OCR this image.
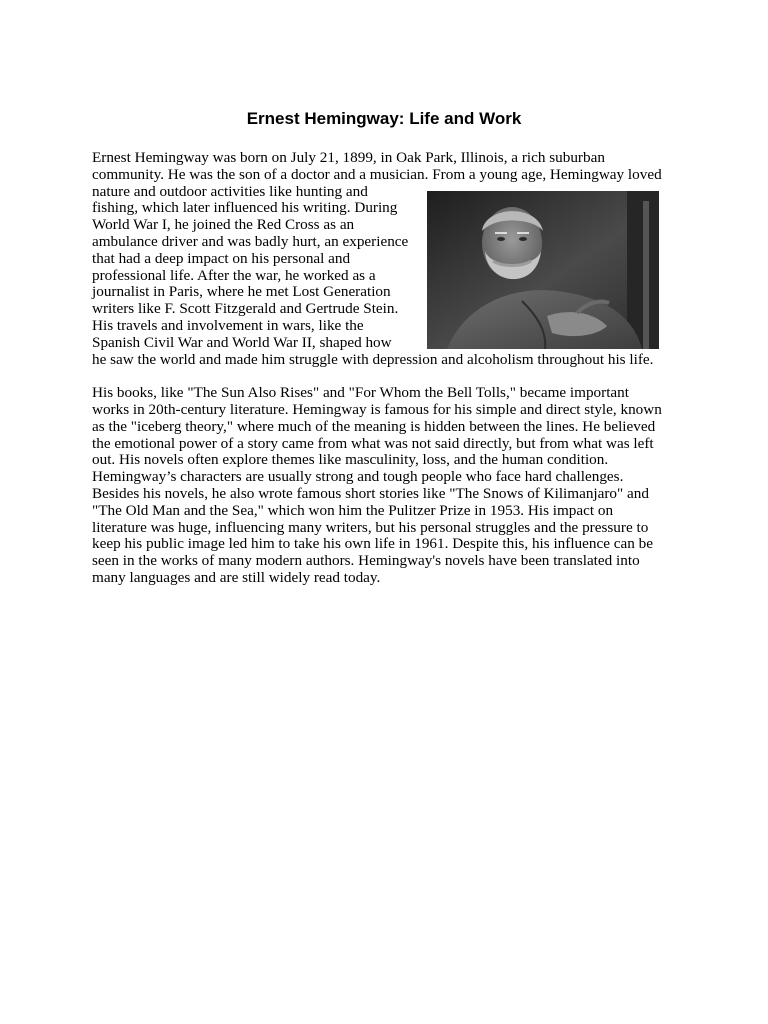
Ernest Hemingway: Life and Work
Ernest Hemingway was born on July 21, 1899, in Oak Park, Illinois, a rich suburban
community. He was the son of a doctor and a musician. From a young age, Hemingway loved
nature and outdoor activities like hunting and
fishing, which later influenced his writing. During
World War I, he joined the Red Cross as an
ambulance driver and was badly hurt, an experience
that had a deep impact on his personal and
professional life. After the war, he worked as a
journalist in Paris, where he met Lost Generation
writers like F. Scott Fitzgerald and Gertrude Stein.
His travels and involvement in wars, like the
Spanish Civil War and World War II, shaped how
he saw the world and made him struggle with depression and alcoholism throughout his life.
His books, like "The Sun Also Rises" and "For Whom the Bell Tolls," became important
works in 20th-century literature. Hemingway is famous for his simple and direct style, known
as the "iceberg theory," where much of the meaning is hidden between the lines. He believed
the emotional power of a story came from what was not said directly, but from what was left
out. His novels often explore themes like masculinity, loss, and the human condition.
Hemingway’s characters are usually strong and tough people who face hard challenges.
Besides his novels, he also wrote famous short stories like "The Snows of Kilimanjaro" and
"The Old Man and the Sea," which won him the Pulitzer Prize in 1953. His impact on
literature was huge, influencing many writers, but his personal struggles and the pressure to
keep his public image led him to take his own life in 1961. Despite this, his influence can be
seen in the works of many modern authors. Hemingway's novels have been translated into
many languages and are still widely read today.
